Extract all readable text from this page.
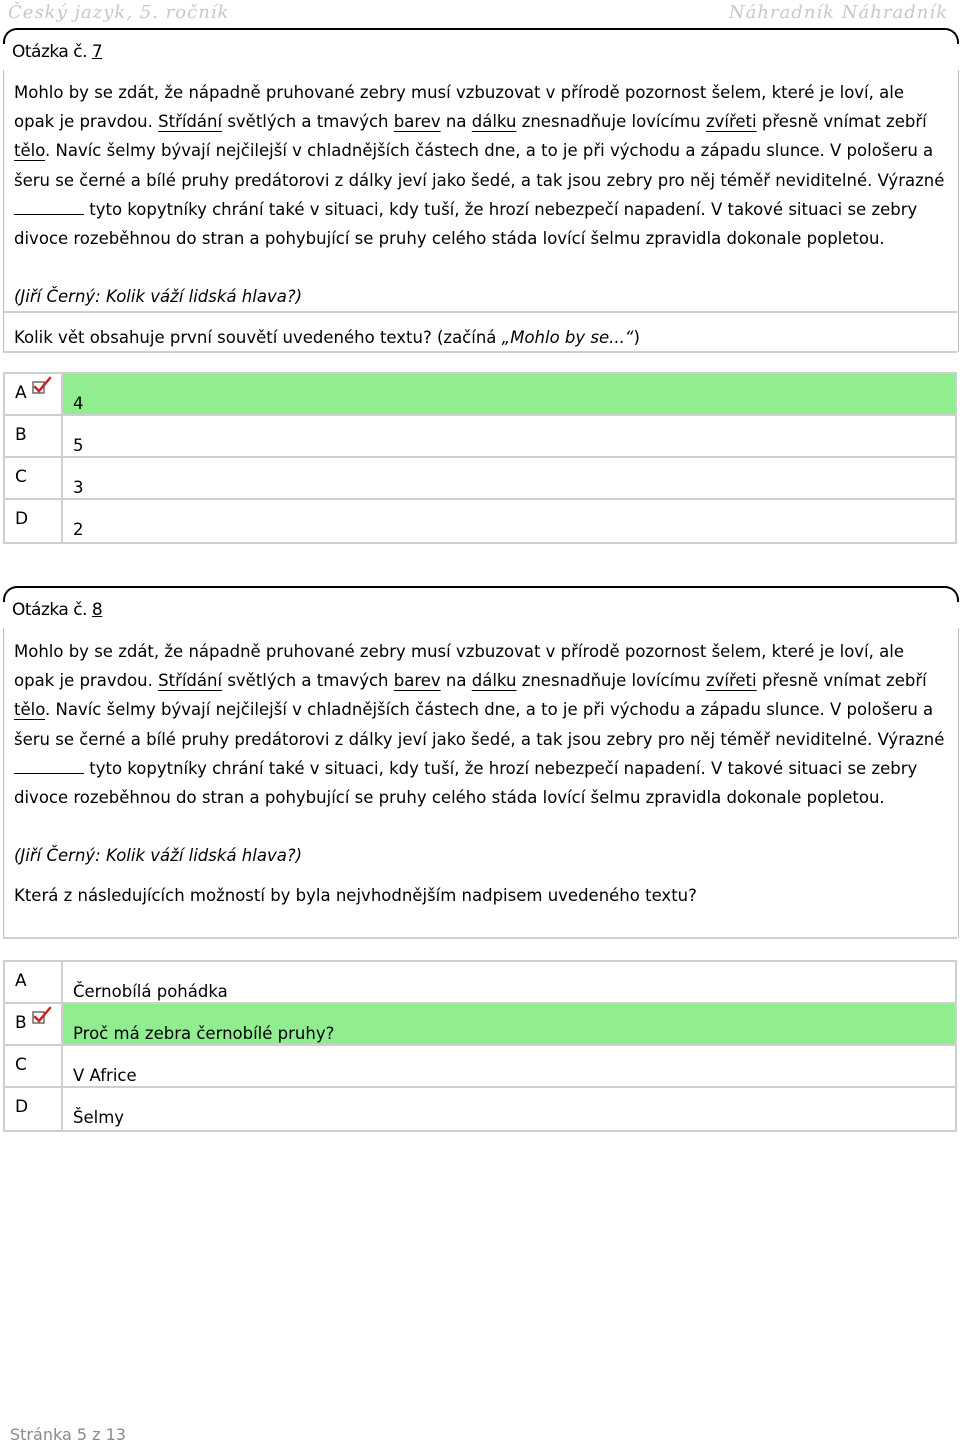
Český jazyk, 5. ročník	Náhradník Náhradník
Otázka č. 7
Mohlo by se zdát, že nápadně pruhované zebry musí vzbuzovat v přírodě pozornost šelem, které je loví, ale opak je pravdou. Střídání světlých a tmavých barev na dálku znesnadňuje lovícímu zvířeti přesně vnímat zebří tělo. Navíc šelmy bývají nejčilejší v chladnějších částech dne, a to je při východu a západu slunce. V pološeru a šeru se černé a bílé pruhy predátorovi z dálky jeví jako šedé, a tak jsou zebry pro něj téměř neviditelné. Výrazné  tyto kopytníky chrání také v situaci, kdy tuší, že hrozí nebezpečí napadení. V takové situaci se zebry divoce rozeběhnou do stran a pohybující se pruhy celého stáda lovící šelmu zpravidla dokonale popletou.
(Jiří Černý: Kolik váží lidská hlava?)
Kolik vět obsahuje první souvětí uvedeného textu? (začíná „Mohlo by se...“)
A
4
B
5
C
3
D
2
Otázka č. 8
Mohlo by se zdát, že nápadně pruhované zebry musí vzbuzovat v přírodě pozornost šelem, které je loví, ale opak je pravdou. Střídání světlých a tmavých barev na dálku znesnadňuje lovícímu zvířeti přesně vnímat zebří tělo. Navíc šelmy bývají nejčilejší v chladnějších částech dne, a to je při východu a západu slunce. V pološeru a šeru se černé a bílé pruhy predátorovi z dálky jeví jako šedé, a tak jsou zebry pro něj téměř neviditelné. Výrazné  tyto kopytníky chrání také v situaci, kdy tuší, že hrozí nebezpečí napadení. V takové situaci se zebry divoce rozeběhnou do stran a pohybující se pruhy celého stáda lovící šelmu zpravidla dokonale popletou.
(Jiří Černý: Kolik váží lidská hlava?)
Která z následujících možností by byla nejvhodnějším nadpisem uvedeného textu?
A
Černobílá pohádka
B
Proč má zebra černobílé pruhy?
C
V Africe
D
Šelmy
Stránka 5 z 13
